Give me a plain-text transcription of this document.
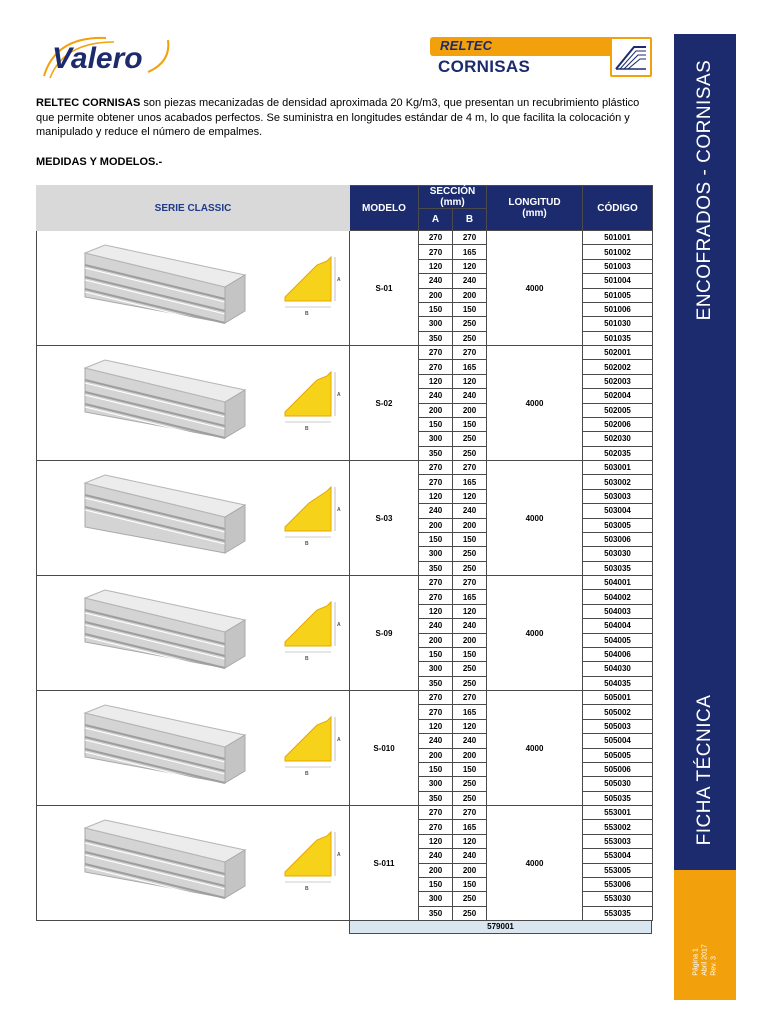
Valero	RELTEC
CORNISAS

RELTEC CORNISAS son piezas mecanizadas de densidad aproximada 20 Kg/m3, que presentan un recubrimiento plástico que permite obtener unos acabados perfectos. Se suministra en longitudes estándar de 4 m, lo que facilita la colocación y manipulado y reduce el número de empalmes.

MEDIDAS Y MODELOS.-
SERIE CLASSIC	MODELO	SECCIÓN (mm)		LONGITUD (mm)	CÓDIGO
		A	B		

A
B	S-01	270	270	4000	501001
		270	165		501002
		120	120		501003
		240	240		501004
		200	200		501005
		150	150		501006
		300	250		501030
		350	250		501035

A
B	S-02	270	270	4000	502001
		270	165		502002
		120	120		502003
		240	240		502004
		200	200		502005
		150	150		502006
		300	250		502030
		350	250		502035

A
B	S-03	270	270	4000	503001
		270	165		503002
		120	120		503003
		240	240		503004
		200	200		503005
		150	150		503006
		300	250		503030
		350	250		503035

A
B	S-09	270	270	4000	504001
		270	165		504002
		120	120		504003
		240	240		504004
		200	200		504005
		150	150		504006
		300	250		504030
		350	250		504035

A
B	S-010	270	270	4000	505001
		270	165		505002
		120	120		505003
		240	240		505004
		200	200		505005
		150	150		505006
		300	250		505030
		350	250		505035

A
B	S-011	270	270	4000	553001
		270	165		553002
		120	120		553003
		240	240		553004
		200	200		553005
		150	150		553006
		300	250		553030
		350	250		553035
579001
ENCOFRADOS - CORNISAS
FICHA TÉCNICA
Página 1 Abril 2017 Rev. 3
